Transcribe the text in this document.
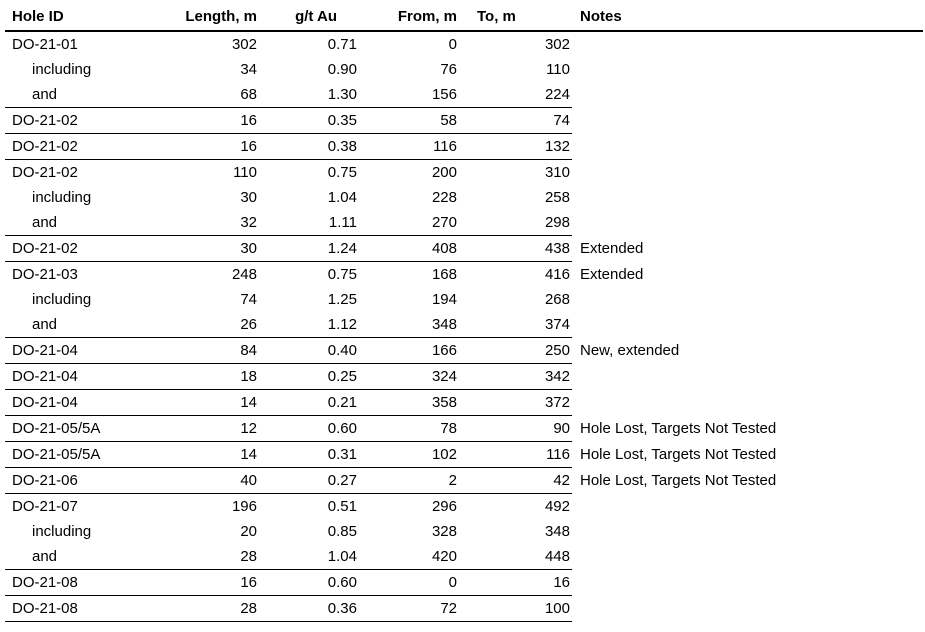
Hole ID	Length, m	g/t Au	From, m	To, m	Notes
DO-21-01	302	0.71	0	302	
including	34	0.90	76	110	
and	68	1.30	156	224	
DO-21-02	16	0.35	58	74	
DO-21-02	16	0.38	116	132	
DO-21-02	110	0.75	200	310	
including	30	1.04	228	258	
and	32	1.11	270	298	
DO-21-02	30	1.24	408	438	Extended
DO-21-03	248	0.75	168	416	Extended
including	74	1.25	194	268	
and	26	1.12	348	374	
DO-21-04	84	0.40	166	250	New, extended
DO-21-04	18	0.25	324	342	
DO-21-04	14	0.21	358	372	
DO-21-05/5A	12	0.60	78	90	Hole Lost, Targets Not Tested
DO-21-05/5A	14	0.31	102	116	Hole Lost, Targets Not Tested
DO-21-06	40	0.27	2	42	Hole Lost, Targets Not Tested
DO-21-07	196	0.51	296	492	
including	20	0.85	328	348	
and	28	1.04	420	448	
DO-21-08	16	0.60	0	16	
DO-21-08	28	0.36	72	100	
